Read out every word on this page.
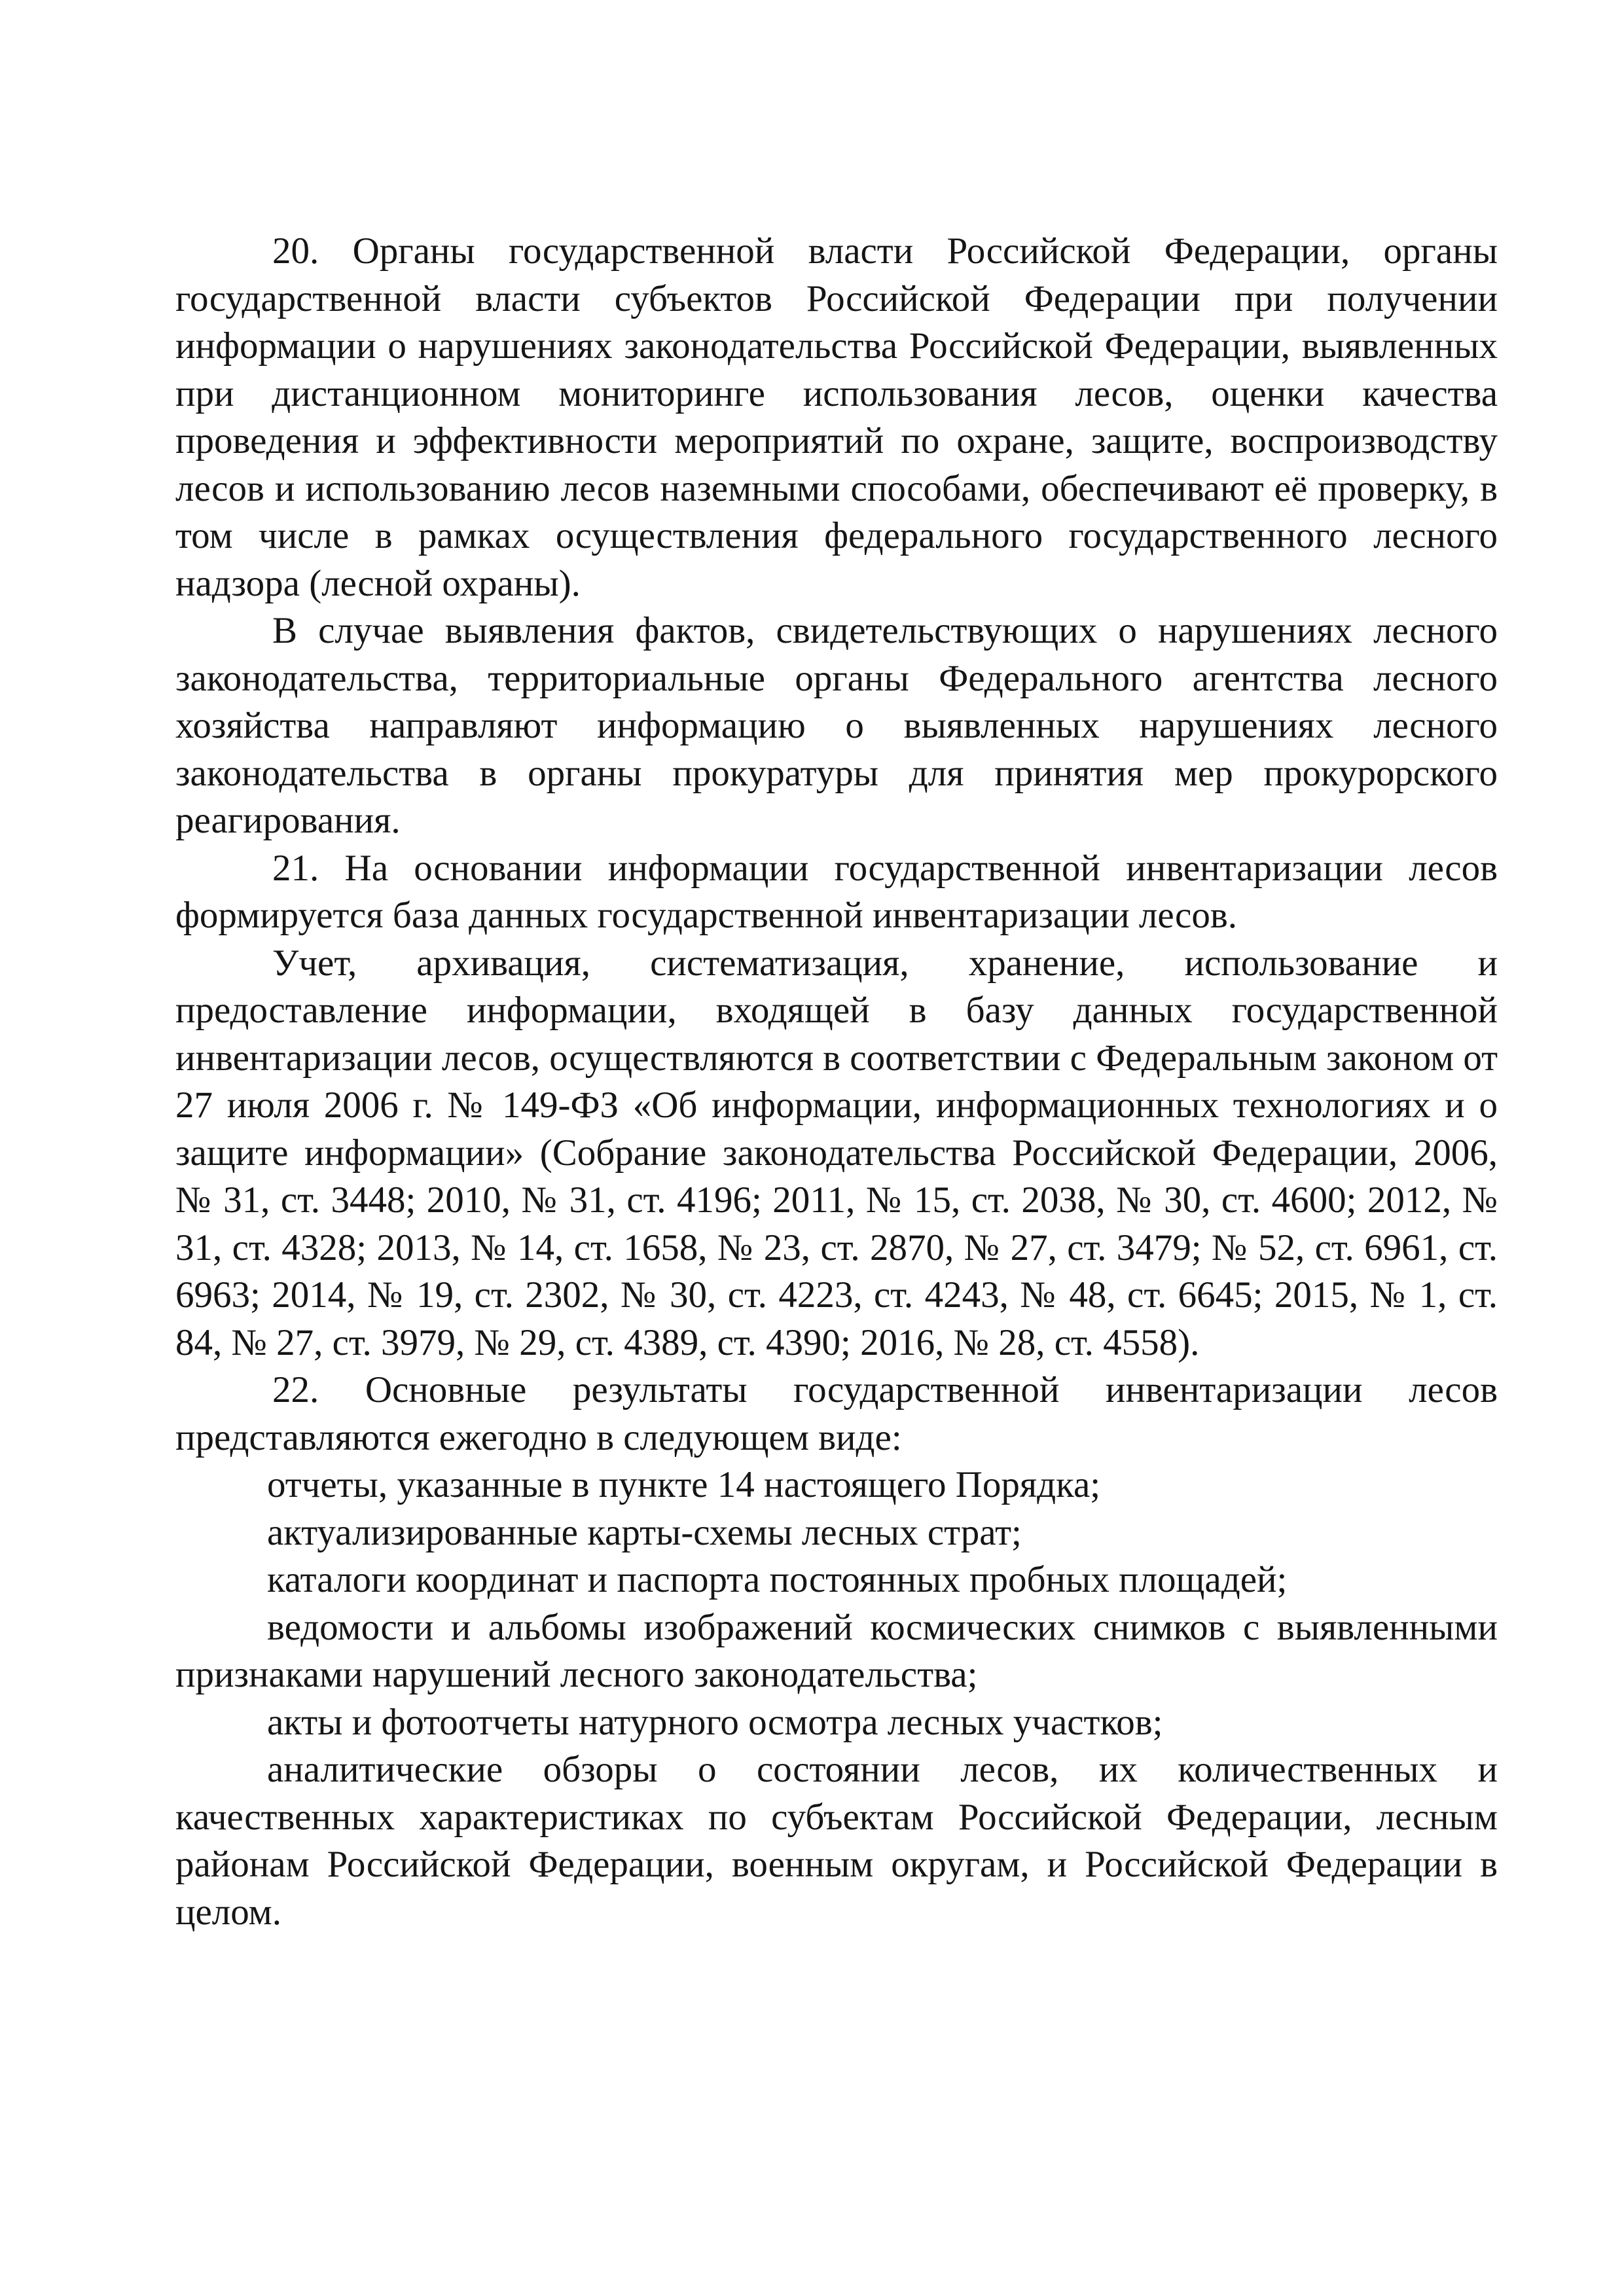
20. Органы государственной власти Российской Федерации, органы государственной власти субъектов Российской Федерации при получении информации о нарушениях законодательства Российской Федерации, выявленных при дистанционном мониторинге использования лесов, оценки качества проведения и эффективности мероприятий по охране, защите, воспроизводству лесов и использованию лесов наземными способами, обеспечивают её проверку, в том числе в рамках осуществления федерального государственного лесного надзора (лесной охраны).

В случае выявления фактов, свидетельствующих о нарушениях лесного законодательства, территориальные органы Федерального агентства лесного хозяйства направляют информацию о выявленных нарушениях лесного законодательства в органы прокуратуры для принятия мер прокурорского реагирования.

21. На основании информации государственной инвентаризации лесов формируется база данных государственной инвентаризации лесов.

Учет, архивация, систематизация, хранение, использование и предоставление информации, входящей в базу данных государственной инвентаризации лесов, осуществляются в соответствии с Федеральным законом от 27 июля 2006 г. № 149-ФЗ «Об информации, информационных технологиях и о защите информации» (Собрание законодательства Российской Федерации, 2006, № 31, ст. 3448; 2010, № 31, ст. 4196; 2011, № 15, ст. 2038, № 30, ст. 4600; 2012, № 31, ст. 4328; 2013, № 14, ст. 1658, № 23, ст. 2870, № 27, ст. 3479; № 52, ст. 6961, ст. 6963; 2014, № 19, ст. 2302, № 30, ст. 4223, ст. 4243, № 48, ст. 6645; 2015, № 1, ст. 84, № 27, ст. 3979, № 29, ст. 4389, ст. 4390; 2016, № 28, ст. 4558).

22. Основные результаты государственной инвентаризации лесов представляются ежегодно в следующем виде:

отчеты, указанные в пункте 14 настоящего Порядка;

актуализированные карты-схемы лесных страт;

каталоги координат и паспорта постоянных пробных площадей;

ведомости и альбомы изображений космических снимков с выявленными признаками нарушений лесного законодательства;

акты и фотоотчеты натурного осмотра лесных участков;

аналитические обзоры о состоянии лесов, их количественных и качественных характеристиках по субъектам Российской Федерации, лесным районам Российской Федерации, военным округам, и Российской Федерации в целом.
